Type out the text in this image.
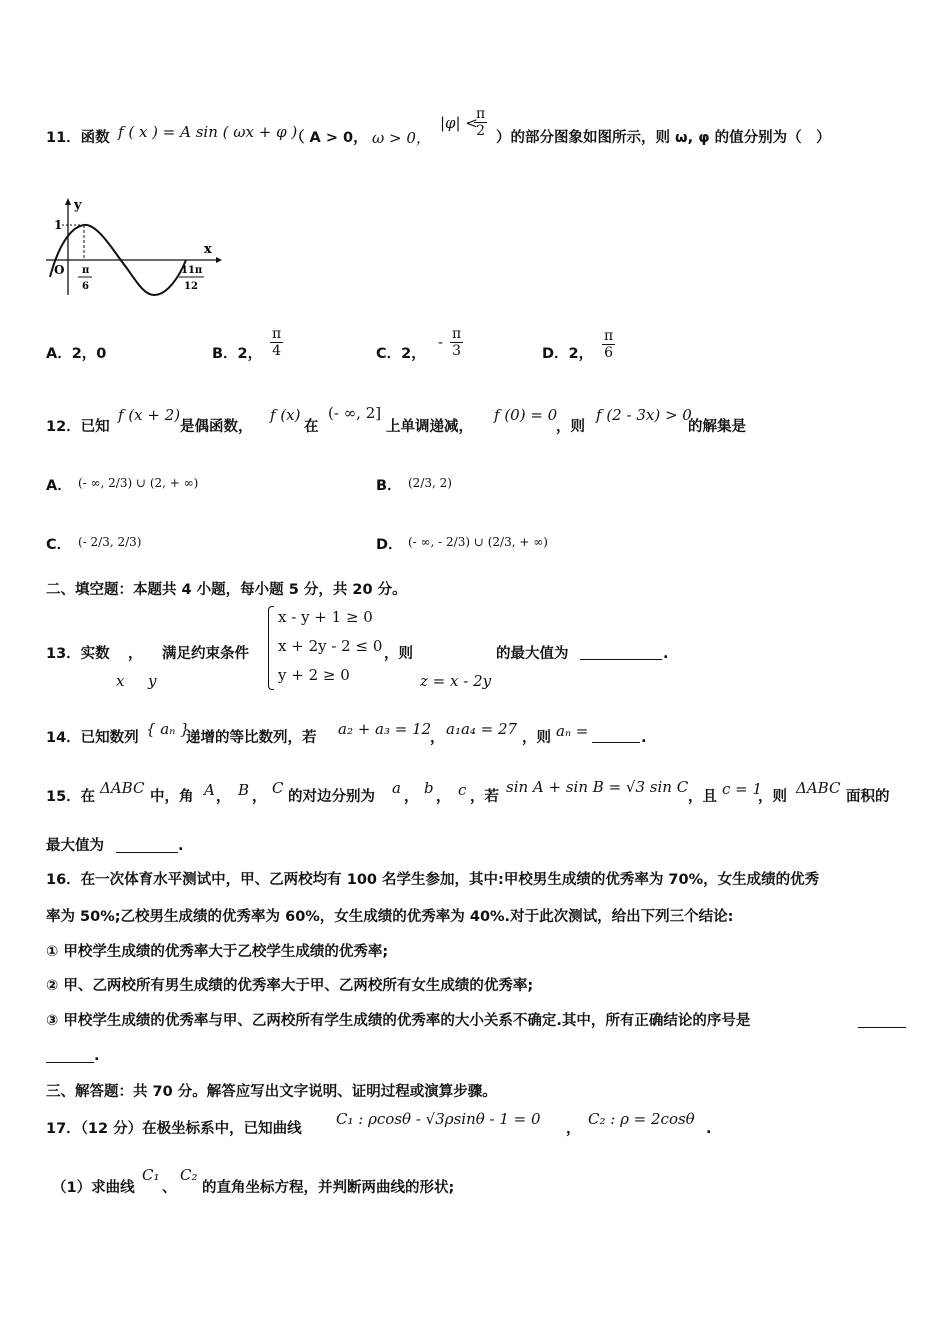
11．函数 f ( x ) = A sin ( ωx + φ )
（ A > 0， ω > 0，
|φ| <
$\frac{\pi}{2}$ ）的部分图象如图所示，则 ω, φ 的值分别为（　）
y
x
1
O π
6
11π
12
A．2，0	B．2， $\frac{\pi}{4}$	C．2，
- $\frac{\pi}{3}$	D．2， $\frac{\pi}{6}$
12．已知
f (x + 2)
是偶函数，
f (x)
在
(- ∞, 2]
上单调递减，
f (0) = 0
，则
f (2 - 3x) > 0
的解集是
A． (- ∞, 2/3) ∪ (2, + ∞)	B． (2/3, 2)
C． (- 2/3, 2/3)	D． (- ∞, - 2/3) ∪ (2/3, + ∞)
二、填空题：本题共 4 小题，每小题 5 分，共 20 分。
13．实数 ，
x y
满足约束条件
x - y + 1 ≥ 0
x + 2y - 2 ≤ 0
y + 2 ≥ 0
，则
z = x - 2y
的最大值为	.
14．已知数列 { aₙ }
递增的等比数列，若 a₂ + a₃ = 12
， a₁a₄ = 27 ，则 aₙ =	.
15．在 ΔABC 中，角 A ， B ， C 的对边分别为 a ， b ， c ，若
sin A + sin B = √3 sin C
，且 c = 1
，则 ΔABC 面积的
最大值为	.
16．在一次体育水平测试中，甲、乙两校均有 100 名学生参加，其中:甲校男生成绩的优秀率为 70%，女生成绩的优秀
率为 50%;乙校男生成绩的优秀率为 60%，女生成绩的优秀率为 40%.对于此次测试，给出下列三个结论:
① 甲校学生成绩的优秀率大于乙校学生成绩的优秀率;
② 甲、乙两校所有男生成绩的优秀率大于甲、乙两校所有女生成绩的优秀率;
③ 甲校学生成绩的优秀率与甲、乙两校所有学生成绩的优秀率的大小关系不确定.其中，所有正确结论的序号是
.
三、解答题：共 70 分。解答应写出文字说明、证明过程或演算步骤。
17．（12 分）在极坐标系中，已知曲线
C₁ : ρcosθ - √3ρsinθ - 1 = 0
，
C₂ : ρ = 2cosθ
.
（1）求曲线
C₁
、
C₂
的直角坐标方程，并判断两曲线的形状;
